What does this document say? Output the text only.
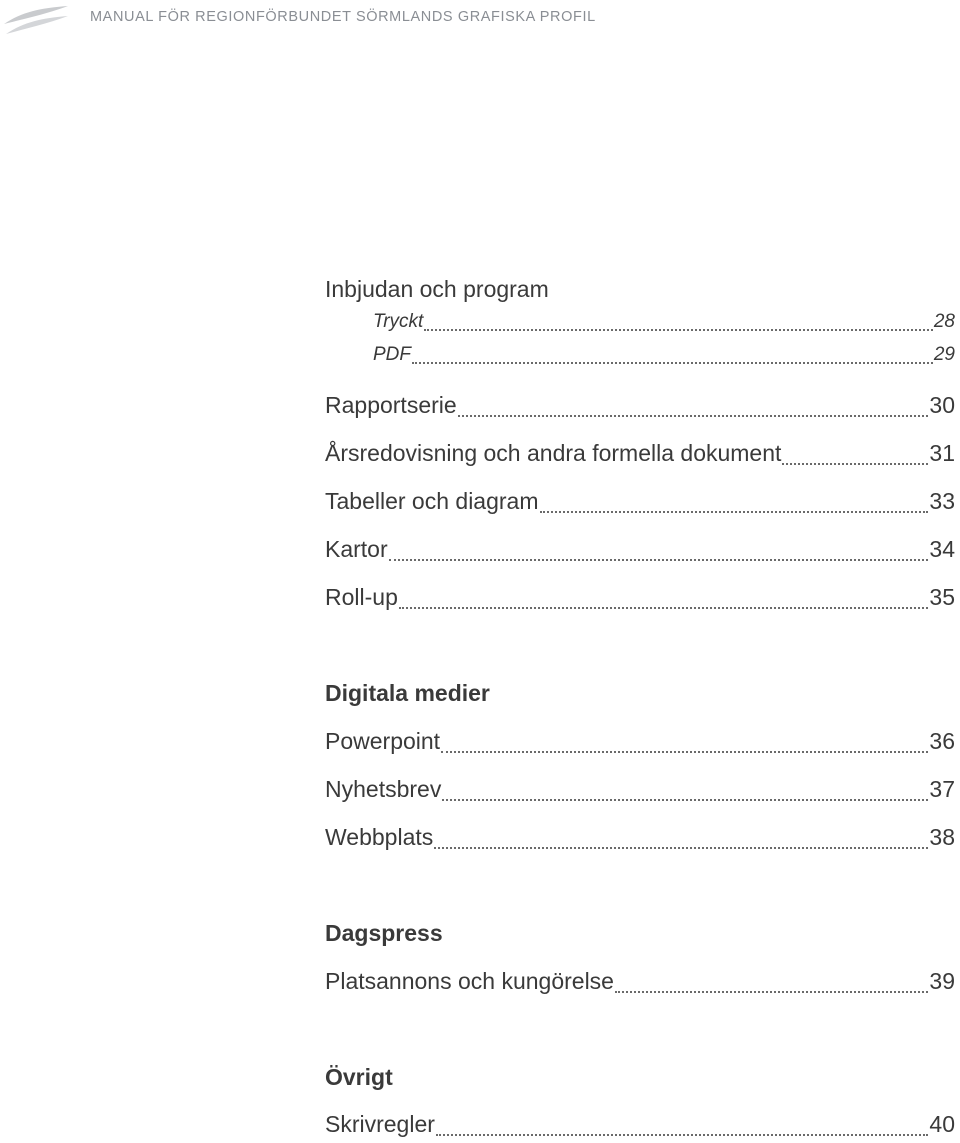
MANUAL FÖR REGIONFÖRBUNDET SÖRMLANDS GRAFISKA PROFIL
Inbjudan och program
Tryckt	28
PDF	29
Rapportserie	30
Årsredovisning och andra formella dokument	31
Tabeller och diagram	33
Kartor	34
Roll-up	35
Digitala medier
Powerpoint	36
Nyhetsbrev	37
Webbplats	38
Dagspress
Platsannons och kungörelse	39
Övrigt
Skrivregler	40
